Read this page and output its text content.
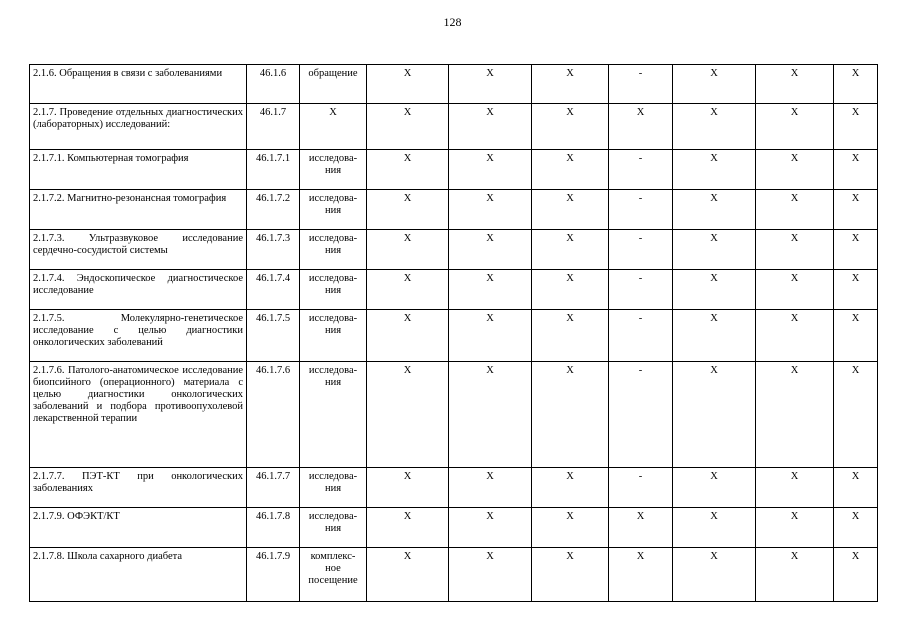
128
2.1.6. Обращения в связи с заболеваниями	46.1.6	обращение	Х	Х	Х	-	Х	Х	Х
2.1.7. Проведение отдельных диагностических (лабораторных) исследований:	46.1.7	Х	Х	Х	Х	Х	Х	Х	Х
2.1.7.1. Компьютерная томография	46.1.7.1	исследова-ния	Х	Х	Х	-	Х	Х	Х
2.1.7.2. Магнитно-резонансная томография	46.1.7.2	исследова-ния	Х	Х	Х	-	Х	Х	Х
2.1.7.3. Ультразвуковое исследование сердечно-сосудистой системы	46.1.7.3	исследова-ния	Х	Х	Х	-	Х	Х	Х
2.1.7.4. Эндоскопическое диагностическое исследование	46.1.7.4	исследова-ния	Х	Х	Х	-	Х	Х	Х
2.1.7.5. Молекулярно-генетическое исследование с целью диагностики онкологических заболеваний	46.1.7.5	исследова-ния	Х	Х	Х	-	Х	Х	Х
2.1.7.6. Патолого-анатомическое исследование биопсийного (операционного) материала с целью диагностики онкологических заболеваний и подбора противоопухолевой лекарственной терапии	46.1.7.6	исследова-ния	Х	Х	Х	-	Х	Х	Х
2.1.7.7. ПЭТ-КТ при онкологических заболеваниях	46.1.7.7	исследова-ния	Х	Х	Х	-	Х	Х	Х
2.1.7.9. ОФЭКТ/КТ	46.1.7.8	исследова-ния	Х	Х	Х	Х	Х	Х	Х
2.1.7.8. Школа сахарного диабета	46.1.7.9	комплекс-ное посещение	Х	Х	Х	Х	Х	Х	Х
